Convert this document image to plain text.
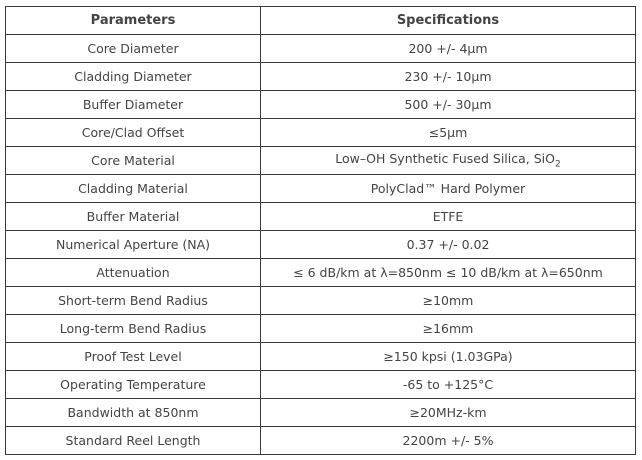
Parameters	Specifications
Core Diameter	200 +/- 4µm
Cladding Diameter	230 +/- 10µm
Buffer Diameter	500 +/- 30µm
Core/Clad Offset	≤5µm
Core Material	Low–OH Synthetic Fused Silica, SiO$_2$
Cladding Material	PolyClad™ Hard Polymer
Buffer Material	ETFE
Numerical Aperture (NA)	0.37 +/- 0.02
Attenuation	≤ 6 dB/km at λ=850nm ≤ 10 dB/km at λ=650nm
Short-term Bend Radius	≥10mm
Long-term Bend Radius	≥16mm
Proof Test Level	≥150 kpsi (1.03GPa)
Operating Temperature	-65 to +125°C
Bandwidth at 850nm	≥20MHz-km
Standard Reel Length	2200m +/- 5%
